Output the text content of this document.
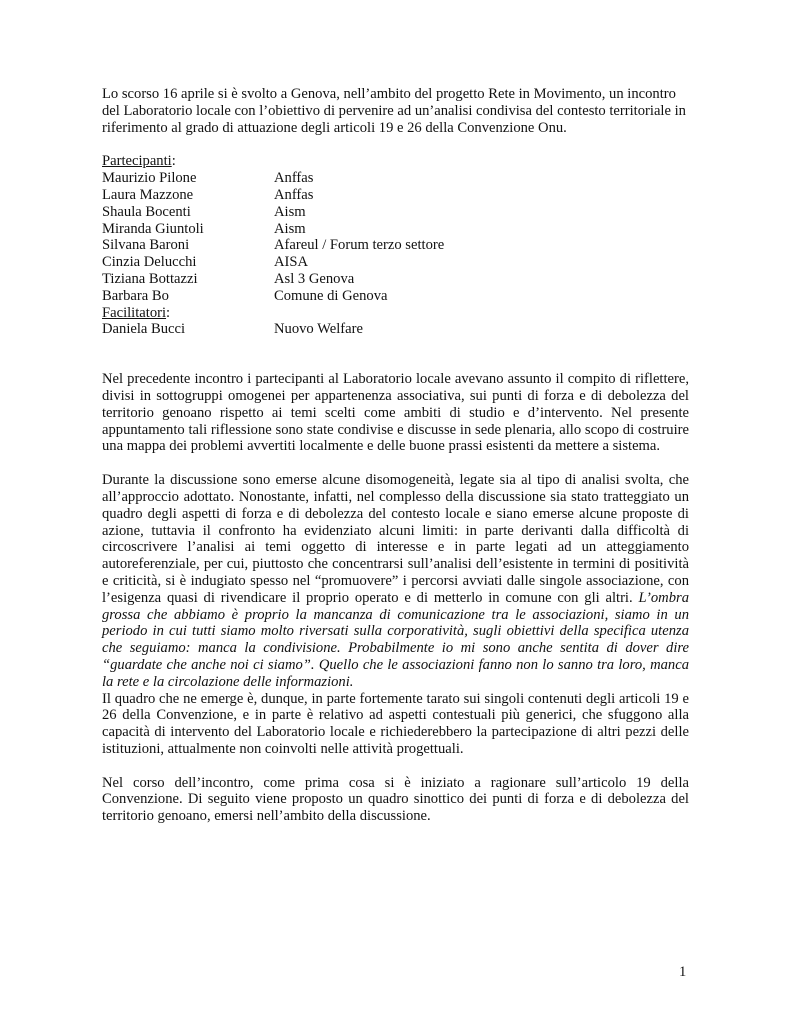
Lo scorso 16 aprile si è svolto a Genova, nell’ambito del progetto Rete in Movimento, un incontro del Laboratorio locale con l’obiettivo di pervenire ad un’analisi condivisa del contesto territoriale in riferimento al grado di attuazione degli articoli 19 e 26 della Convenzione Onu.

Partecipanti:
Maurizio Pilone	Anffas
Laura Mazzone	Anffas
Shaula Bocenti	Aism
Miranda Giuntoli	Aism
Silvana Baroni	Afareul / Forum terzo settore
Cinzia Delucchi	AISA
Tiziana Bottazzi	Asl 3 Genova
Barbara Bo	Comune di Genova
Facilitatori:
Daniela Bucci	Nuovo Welfare

Nel precedente incontro i partecipanti al Laboratorio locale avevano assunto il compito di riflettere, divisi in sottogruppi omogenei per appartenenza associativa, sui punti di forza e di debolezza del territorio genoano rispetto ai temi scelti come ambiti di studio e d’intervento. Nel presente appuntamento tali riflessione sono state condivise e discusse in sede plenaria, allo scopo di costruire una mappa dei problemi avvertiti localmente e delle buone prassi esistenti da mettere a sistema.

Durante la discussione sono emerse alcune disomogeneità, legate sia al tipo di analisi svolta, che all’approccio adottato. Nonostante, infatti, nel complesso della discussione sia stato tratteggiato un quadro degli aspetti di forza e di debolezza del contesto locale e siano emerse alcune proposte di azione, tuttavia il confronto ha evidenziato alcuni limiti: in parte derivanti dalla difficoltà di circoscrivere l’analisi ai temi oggetto di interesse e in parte legati ad un atteggiamento autoreferenziale, per cui, piuttosto che concentrarsi sull’analisi dell’esistente in termini di positività e criticità, si è indugiato spesso nel “promuovere” i percorsi avviati dalle singole associazione, con l’esigenza quasi di rivendicare il proprio operato e di metterlo in comune con gli altri. L’ombra grossa che abbiamo è proprio la mancanza di comunicazione tra le associazioni, siamo in un periodo in cui tutti siamo molto riversati sulla corporatività, sugli obiettivi della specifica utenza che seguiamo: manca la condivisione. Probabilmente io mi sono anche sentita di dover dire “guardate che anche noi ci siamo”. Quello che le associazioni fanno non lo sanno tra loro, manca la rete e la circolazione delle informazioni.

Il quadro che ne emerge è, dunque, in parte fortemente tarato sui singoli contenuti degli articoli 19 e 26 della Convenzione, e in parte è relativo ad aspetti contestuali più generici, che sfuggono alla capacità di intervento del Laboratorio locale e richiederebbero la partecipazione di altri pezzi delle istituzioni, attualmente non coinvolti nelle attività progettuali.

Nel corso dell’incontro, come prima cosa si è iniziato a ragionare sull’articolo 19 della Convenzione. Di seguito viene proposto un quadro sinottico dei punti di forza e di debolezza del territorio genoano, emersi nell’ambito della discussione.

1
